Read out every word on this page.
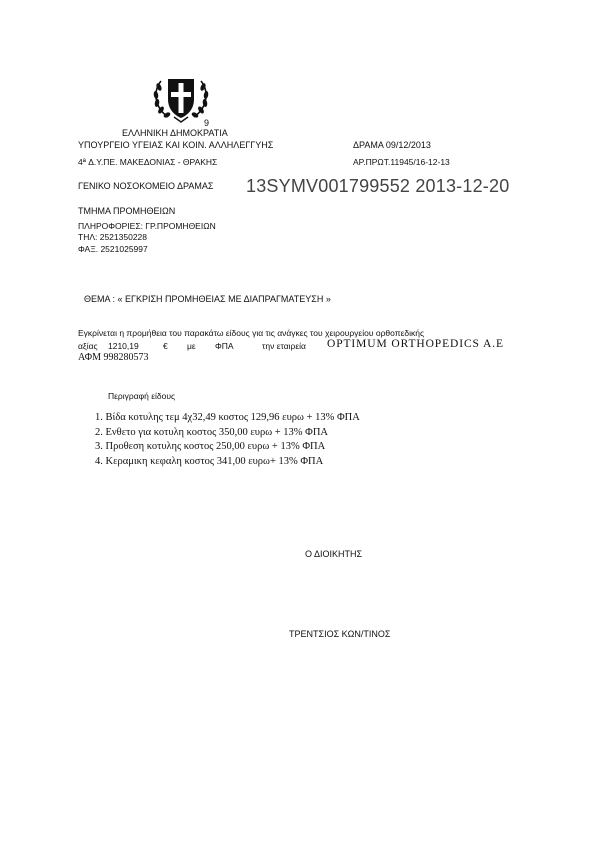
9
ΕΛΛΗΝΙΚΗ ΔΗΜΟΚΡΑΤΙΑ
ΥΠΟΥΡΓΕΙΟ ΥΓΕΙΑΣ ΚΑΙ ΚΟΙΝ. ΑΛΛΗΛΕΓΓΥΗΣ	ΔΡΑΜΑ 09/12/2013
4ª Δ.Υ.ΠΕ. ΜΑΚΕΔΟΝΙΑΣ - ΘΡΑΚΗΣ	ΑΡ.ΠΡΩΤ.11945/16-12-13
ΓΕΝΙΚΟ ΝΟΣΟΚΟΜΕΙΟ ΔΡΑΜΑΣ 13SYMV001799552 2013-12-20
ΤΜΗΜΑ ΠΡΟΜΗΘΕΙΩΝ
ΠΛΗΡΟΦΟΡΙΕΣ: ΓΡ.ΠΡΟΜΗΘΕΙΩΝ
ΤΗΛ: 2521350228
ΦΑΞ. 2521025997
ΘΕΜΑ : « ΕΓΚΡΙΣΗ ΠΡΟΜΗΘΕΙΑΣ ΜΕ ΔΙΑΠΡΑΓΜΑΤΕΥΣΗ »
Εγκρίνεται η προμήθεια του παρακάτω είδους για τις ανάγκες του χειρουργείου ορθοπεδικής
αξίας 1210,19	€ με ΦΠΑ	την εταιρεία OPTIMUM ORTHOPEDICS A.E
ΑΦΜ 998280573
Περιγραφή είδους
1. Βίδα κοτυλης τεμ 4χ32,49 κοστος 129,96 ευρω + 13% ΦΠΑ
2. Ενθετο για κοτυλη κοστος 350,00 ευρω + 13% ΦΠΑ
3. Προθεση κοτυλης κοστος 250,00 ευρω + 13% ΦΠΑ
4. Κεραμικη κεφαλη κοστος 341,00 ευρω+ 13% ΦΠΑ
Ο ΔΙΟΙΚΗΤΗΣ
ΤΡΕΝΤΣΙΟΣ ΚΩΝ/ΤΙΝΟΣ
